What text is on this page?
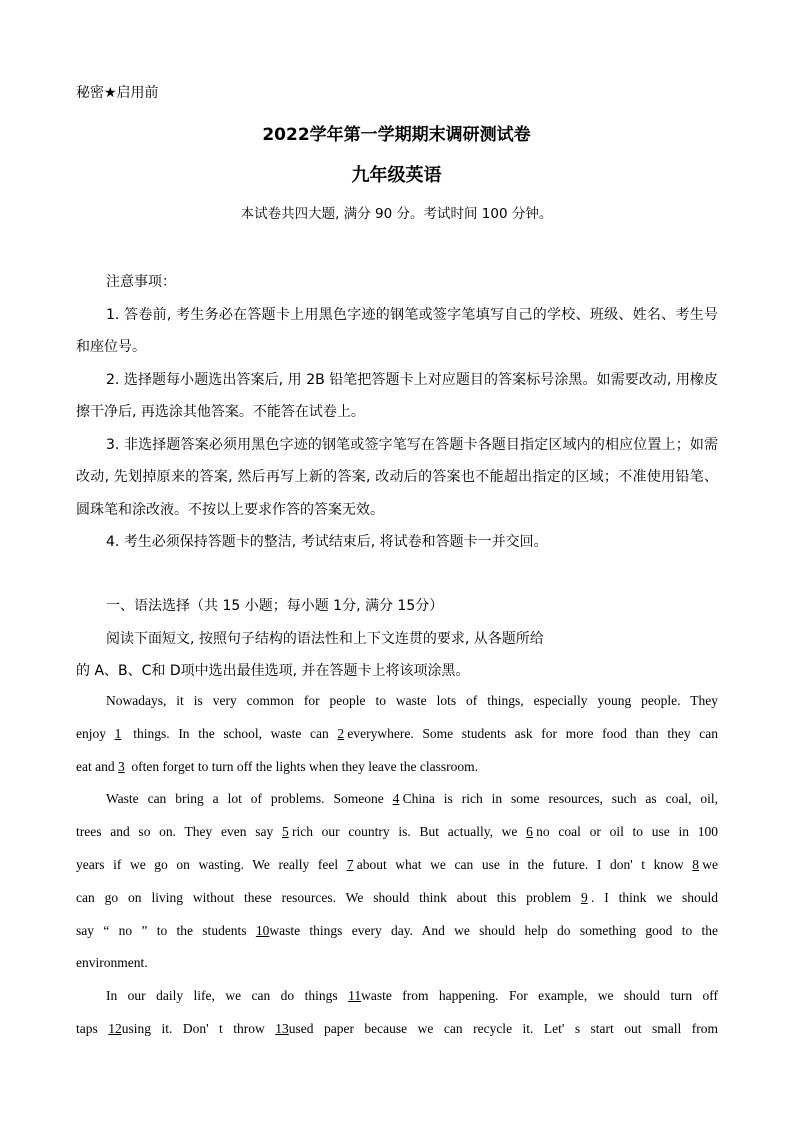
秘密★启用前
2022学年第一学期期末调研测试卷
九年级英语
本试卷共四大题, 满分 90 分。考试时间 100 分钟。
注意事项：

1. 答卷前, 考生务必在答题卡上用黑色字迹的钢笔或签字笔填写自己的学校、班级、姓名、考生号和座位号。

2. 选择题每小题选出答案后, 用 2B 铅笔把答题卡上对应题目的答案标号涂黑。如需要改动, 用橡皮擦干净后, 再选涂其他答案。不能答在试卷上。

3. 非选择题答案必须用黑色字迹的钢笔或签字笔写在答题卡各题目指定区域内的相应位置上；如需改动, 先划掉原来的答案, 然后再写上新的答案, 改动后的答案也不能超出指定的区域；不准使用铅笔、圆珠笔和涂改液。不按以上要求作答的答案无效。

4. 考生必须保持答题卡的整洁, 考试结束后, 将试卷和答题卡一并交回。

一、语法选择（共 15 小题；每小题 1分, 满分 15分）

阅读下面短文, 按照句子结构的语法性和上下文连贯的要求, 从各题所给

的 A、B、C和 D项中选出最佳选项, 并在答题卡上将该项涂黑。

Nowadays, it is very common for people to waste lots of things, especially young people. They
enjoy 1 things. In the school, waste can 2everywhere. Some students ask for more food than they can
eat and 3 often forget to turn off the lights when they leave the classroom.
Waste can bring a lot of problems. Someone 4China is rich in some resources, such as coal, oil,
trees and so on. They even say 5rich our country is. But actually, we 6no coal or oil to use in 100
years if we go on wasting. We really feel 7about what we can use in the future. I don' t know 8we
can go on living without these resources. We should think about this problem 9. I think we should
say “ no ” to the students 10waste things every day. And we should help do something good to the
environment.
In our daily life, we can do things 11waste from happening. For example, we should turn off
taps 12using it. Don' t throw 13used paper because we can recycle it. Let' s start out small from
